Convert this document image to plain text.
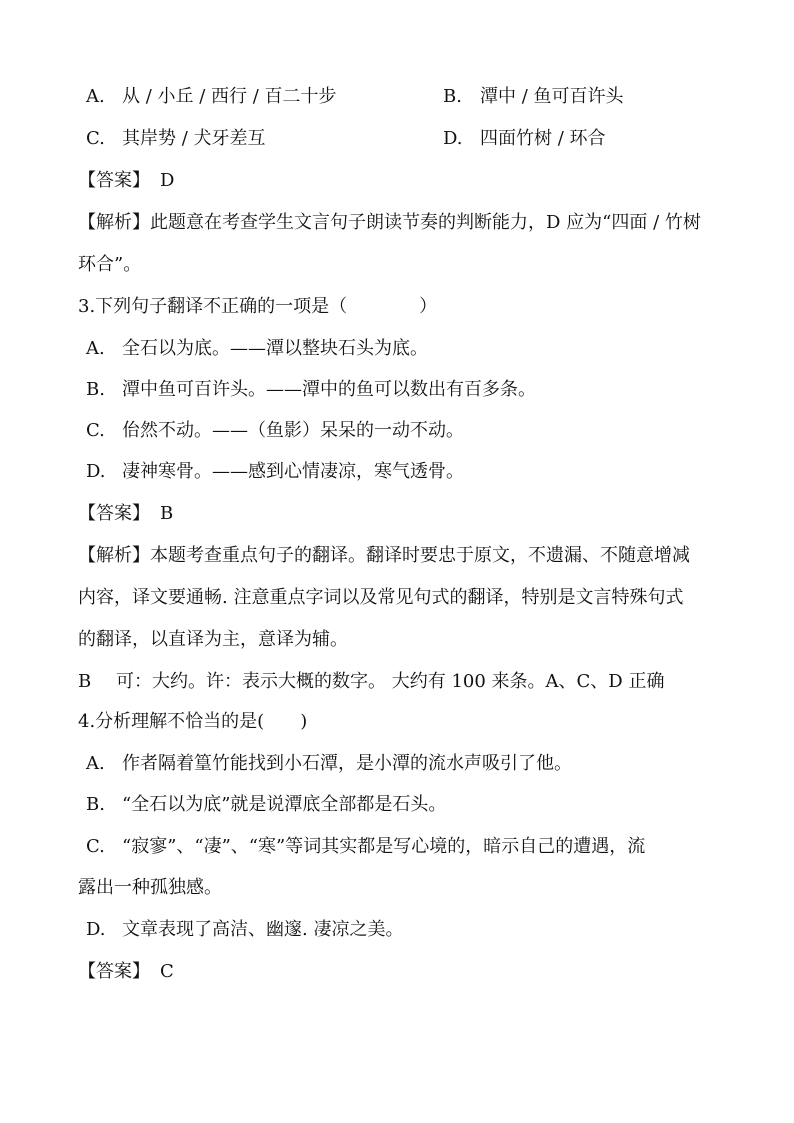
A. 从 / 小丘 / 西行 / 百二十步	B. 潭中 / 鱼可百许头
C. 其岸势 / 犬牙差互	D. 四面竹树 / 环合
【答案】 D
【解析】 此题意在考查学生文言句子朗读节奏的判断能力，D 应为“四面 / 竹树
环合”。
3.下列句子翻译不正确的一项是（　　　　）
A. 全石以为底。——潭以整块石头为底。
B. 潭中鱼可百许头。——潭中的鱼可以数出有百多条。
C. 佁然不动。——（鱼影）呆呆的一动不动。
D. 凄神寒骨。——感到心情凄凉，寒气透骨。
【答案】 B
【解析】 本题考查重点句子的翻译。翻译时要忠于原文，不遗漏、不随意增减
内容，译文要通畅. 注意重点字词以及常见句式的翻译，特别是文言特殊句式
的翻译，以直译为主，意译为辅。
B 可：大约。许：表示大概的数字。 大约有 100 来条。A、C、D 正确
4.分析理解不恰当的是(　　)
A. 作者隔着篁竹能找到小石潭，是小潭的流水声吸引了他。
B. “全石以为底”就是说潭底全部都是石头。
C. “寂寥”、“凄”、“寒”等词其实都是写心境的，暗示自己的遭遇，流
露出一种孤独感。
D. 文章表现了高洁、幽邃. 凄凉之美。
【答案】 C
